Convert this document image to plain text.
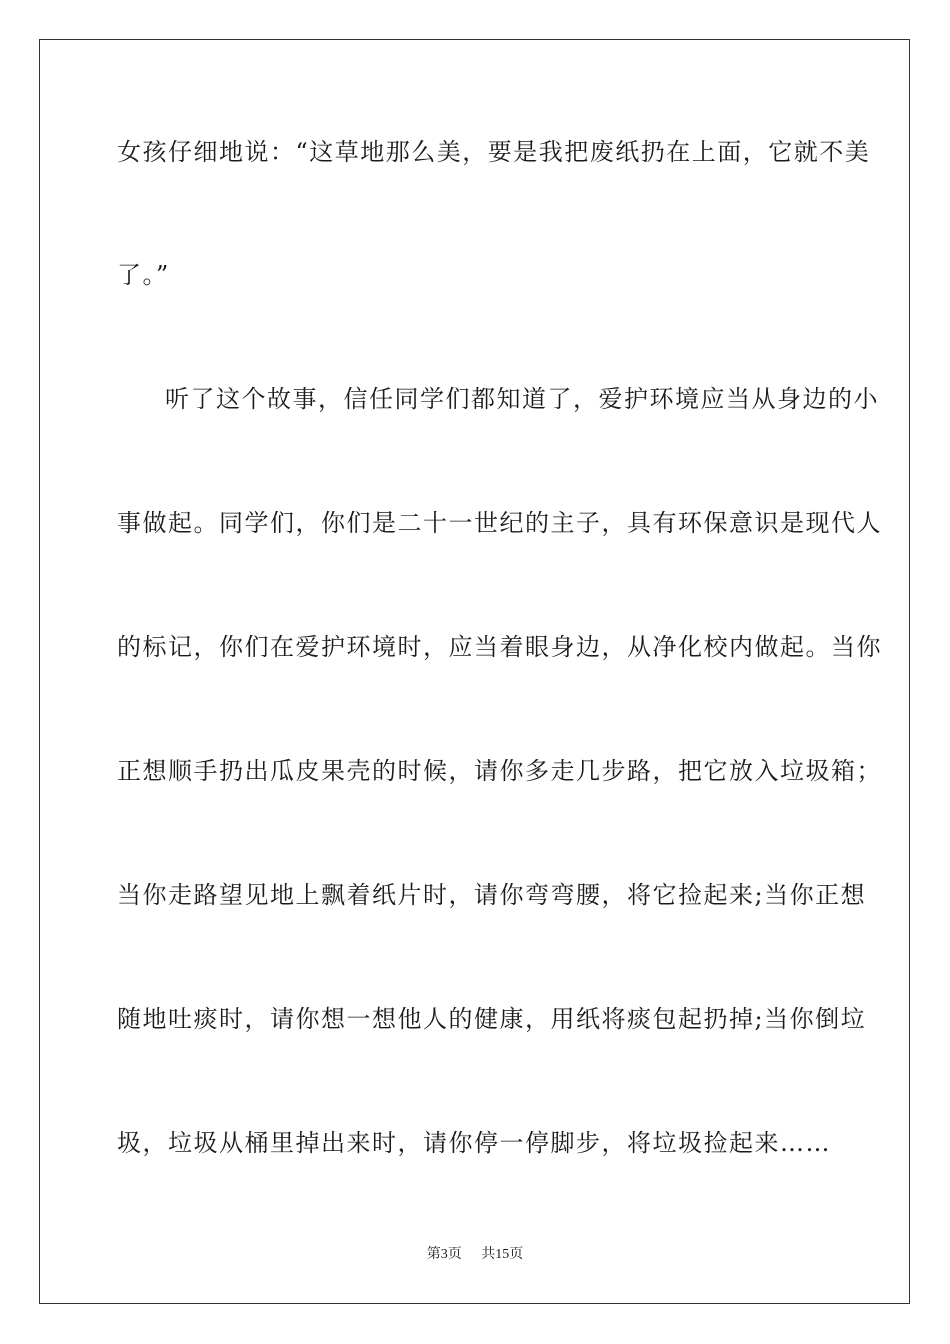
女孩仔细地说：“这草地那么美，要是我把废纸扔在上面，它就不美
了。”
听了这个故事，信任同学们都知道了，爱护环境应当从身边的小
事做起。同学们，你们是二十一世纪的主子，具有环保意识是现代人
的标记，你们在爱护环境时，应当着眼身边，从净化校内做起。当你
正想顺手扔出瓜皮果壳的时候，请你多走几步路，把它放入垃圾箱；
当你走路望见地上飘着纸片时，请你弯弯腰，将它捡起来;当你正想
随地吐痰时，请你想一想他人的健康，用纸将痰包起扔掉;当你倒垃
圾，垃圾从桶里掉出来时，请你停一停脚步，将垃圾捡起来……
第3页 共15页
